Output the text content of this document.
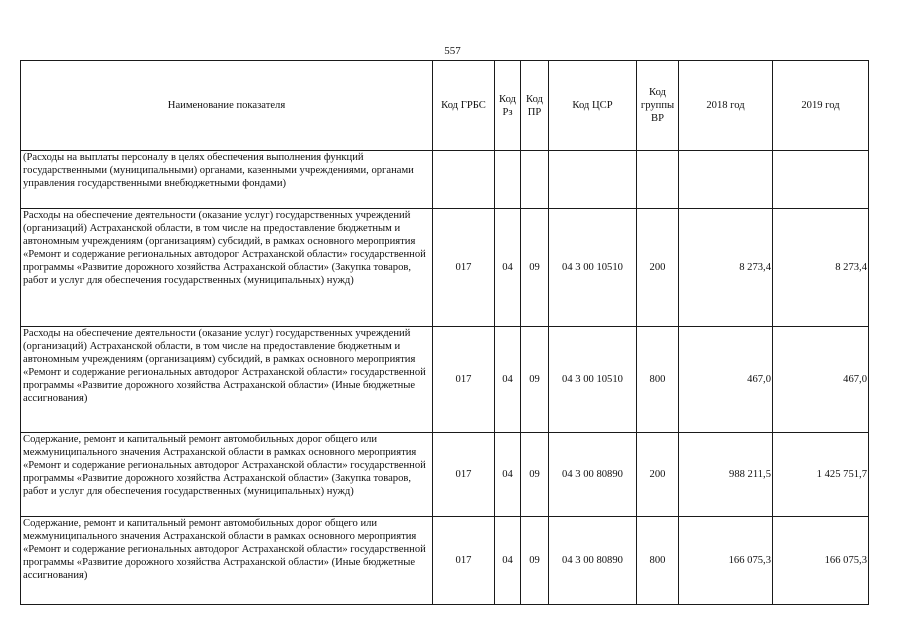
557
Наименование показателя	Код ГРБС	Код Рз	Код ПР	Код ЦСР	Код группы ВР	2018 год	2019 год
(Расходы на выплаты персоналу в целях обеспечения выполнения функций государственными (муниципальными) органами, казенными учреждениями, органами управления государственными внебюджетными фондами)							
Расходы на обеспечение деятельности (оказание услуг) государственных учреждений (организаций) Астраханской области, в том числе на предоставление бюджетным и автономным учреждениям (организациям) субсидий, в рамках основного мероприятия «Ремонт и содержание региональных автодорог Астраханской области» государственной программы «Развитие дорожного хозяйства Астраханской области» (Закупка товаров, работ и услуг для обеспечения государственных (муниципальных) нужд)	017	04	09	04 3 00 10510	200	8 273,4	8 273,4
Расходы на обеспечение деятельности (оказание услуг) государственных учреждений (организаций) Астраханской области, в том числе на предоставление бюджетным и автономным учреждениям (организациям) субсидий, в рамках основного мероприятия «Ремонт и содержание региональных автодорог Астраханской области» государственной программы «Развитие дорожного хозяйства Астраханской области» (Иные бюджетные ассигнования)	017	04	09	04 3 00 10510	800	467,0	467,0
Содержание, ремонт и капитальный ремонт автомобильных дорог общего или межмуниципального значения Астраханской области в рамках основного мероприятия «Ремонт и содержание региональных автодорог Астраханской области» государственной программы «Развитие дорожного хозяйства Астраханской области» (Закупка товаров, работ и услуг для обеспечения государственных (муниципальных) нужд)	017	04	09	04 3 00 80890	200	988 211,5	1 425 751,7
Содержание, ремонт и капитальный ремонт автомобильных дорог общего или межмуниципального значения Астраханской области в рамках основного мероприятия «Ремонт и содержание региональных автодорог Астраханской области» государственной программы «Развитие дорожного хозяйства Астраханской области» (Иные бюджетные ассигнования)	017	04	09	04 3 00 80890	800	166 075,3	166 075,3
